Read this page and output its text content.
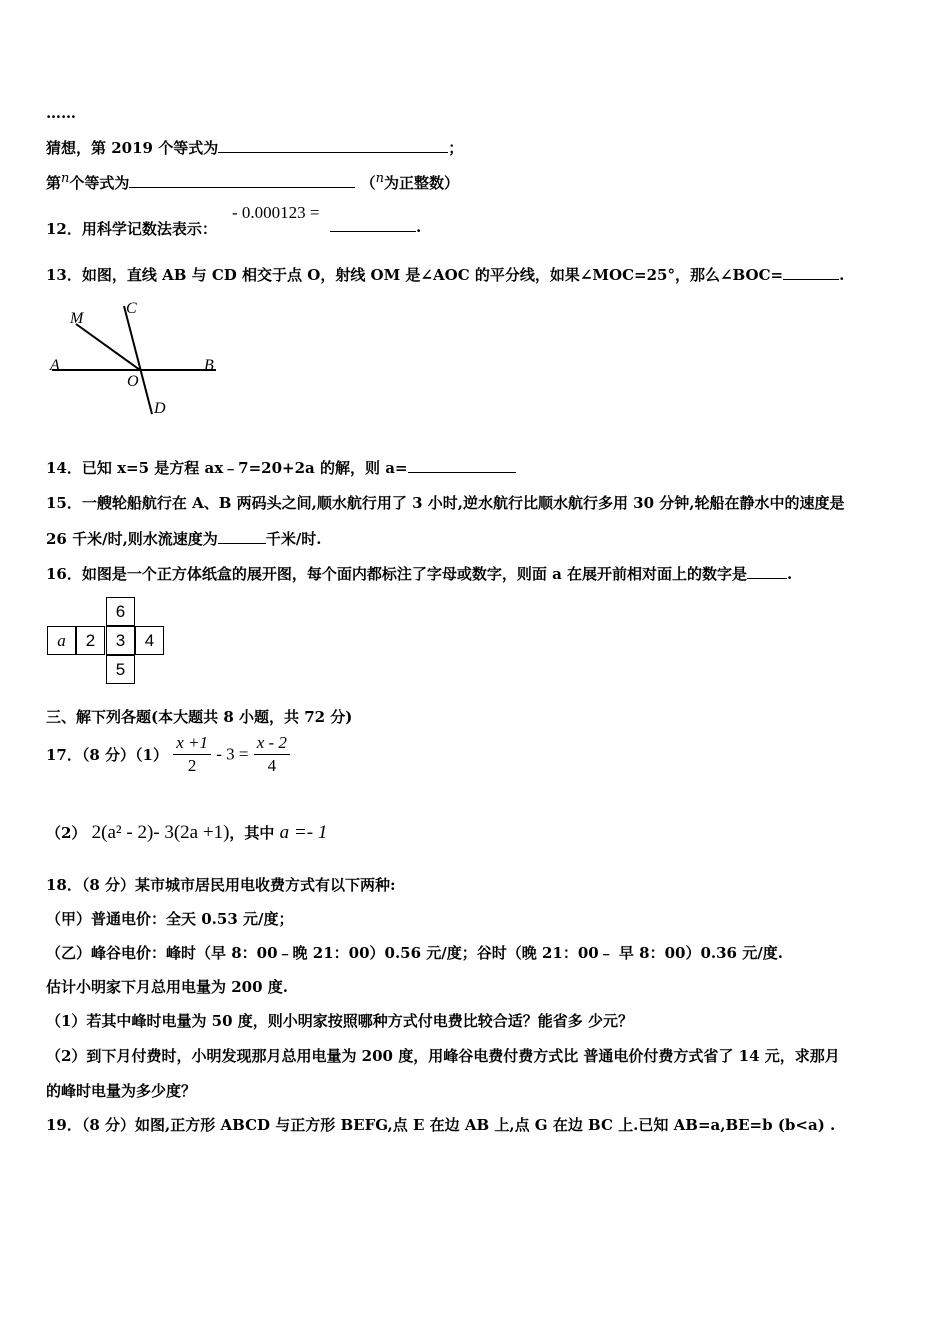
……
猜想，第 2019 个等式为	；
第$^n$个等式为	（$^n$为正整数）
12．用科学记数法表示：
- 0.000123 =
.
13．如图，直线 AB 与 CD 相交于点 O，射线 OM 是∠AOC 的平分线，如果∠MOC=25°，那么∠BOC=	.
M
C
A	B
O
D
14．已知 x=5 是方程 ax﹣7=20+2a 的解，则 a=
15．一艘轮船航行在 A、B 两码头之间,顺水航行用了 3 小时,逆水航行比顺水航行多用 30 分钟,轮船在静水中的速度是
26 千米/时,则水流速度为	千米/时.
16．如图是一个正方体纸盒的展开图，每个面内都标注了字母或数字，则面 a 在展开前相对面上的数字是	.
6
a	2	3	4
5
三、解下列各题(本大题共 8 小题，共 72 分)
17．（8 分）$(1) \frac{x +1}{2} - 3 = \frac{x - 2}{4}$
（2） 2(a² - 2)- 3(2a +1)，其中 a =- 1
18．（8 分）某市城市居民用电收费方式有以下两种:
（甲）普通电价：全天 0.53 元/度；
（乙）峰谷电价：峰时（早 8：00﹣晚 21：00）0.56 元/度；谷时（晚 21：00﹣ 早 8：00）0.36 元/度.
估计小明家下月总用电量为 200 度.
（1）若其中峰时电量为 50 度，则小明家按照哪种方式付电费比较合适？能省多 少元？
（2）到下月付费时，小明发现那月总用电量为 200 度，用峰谷电费付费方式比 普通电价付费方式省了 14 元，求那月
的峰时电量为多少度？
19．（8 分）如图,正方形 ABCD 与正方形 BEFG,点 E 在边 AB 上,点 G 在边 BC 上.已知 AB=a,BE=b (b<a) .
